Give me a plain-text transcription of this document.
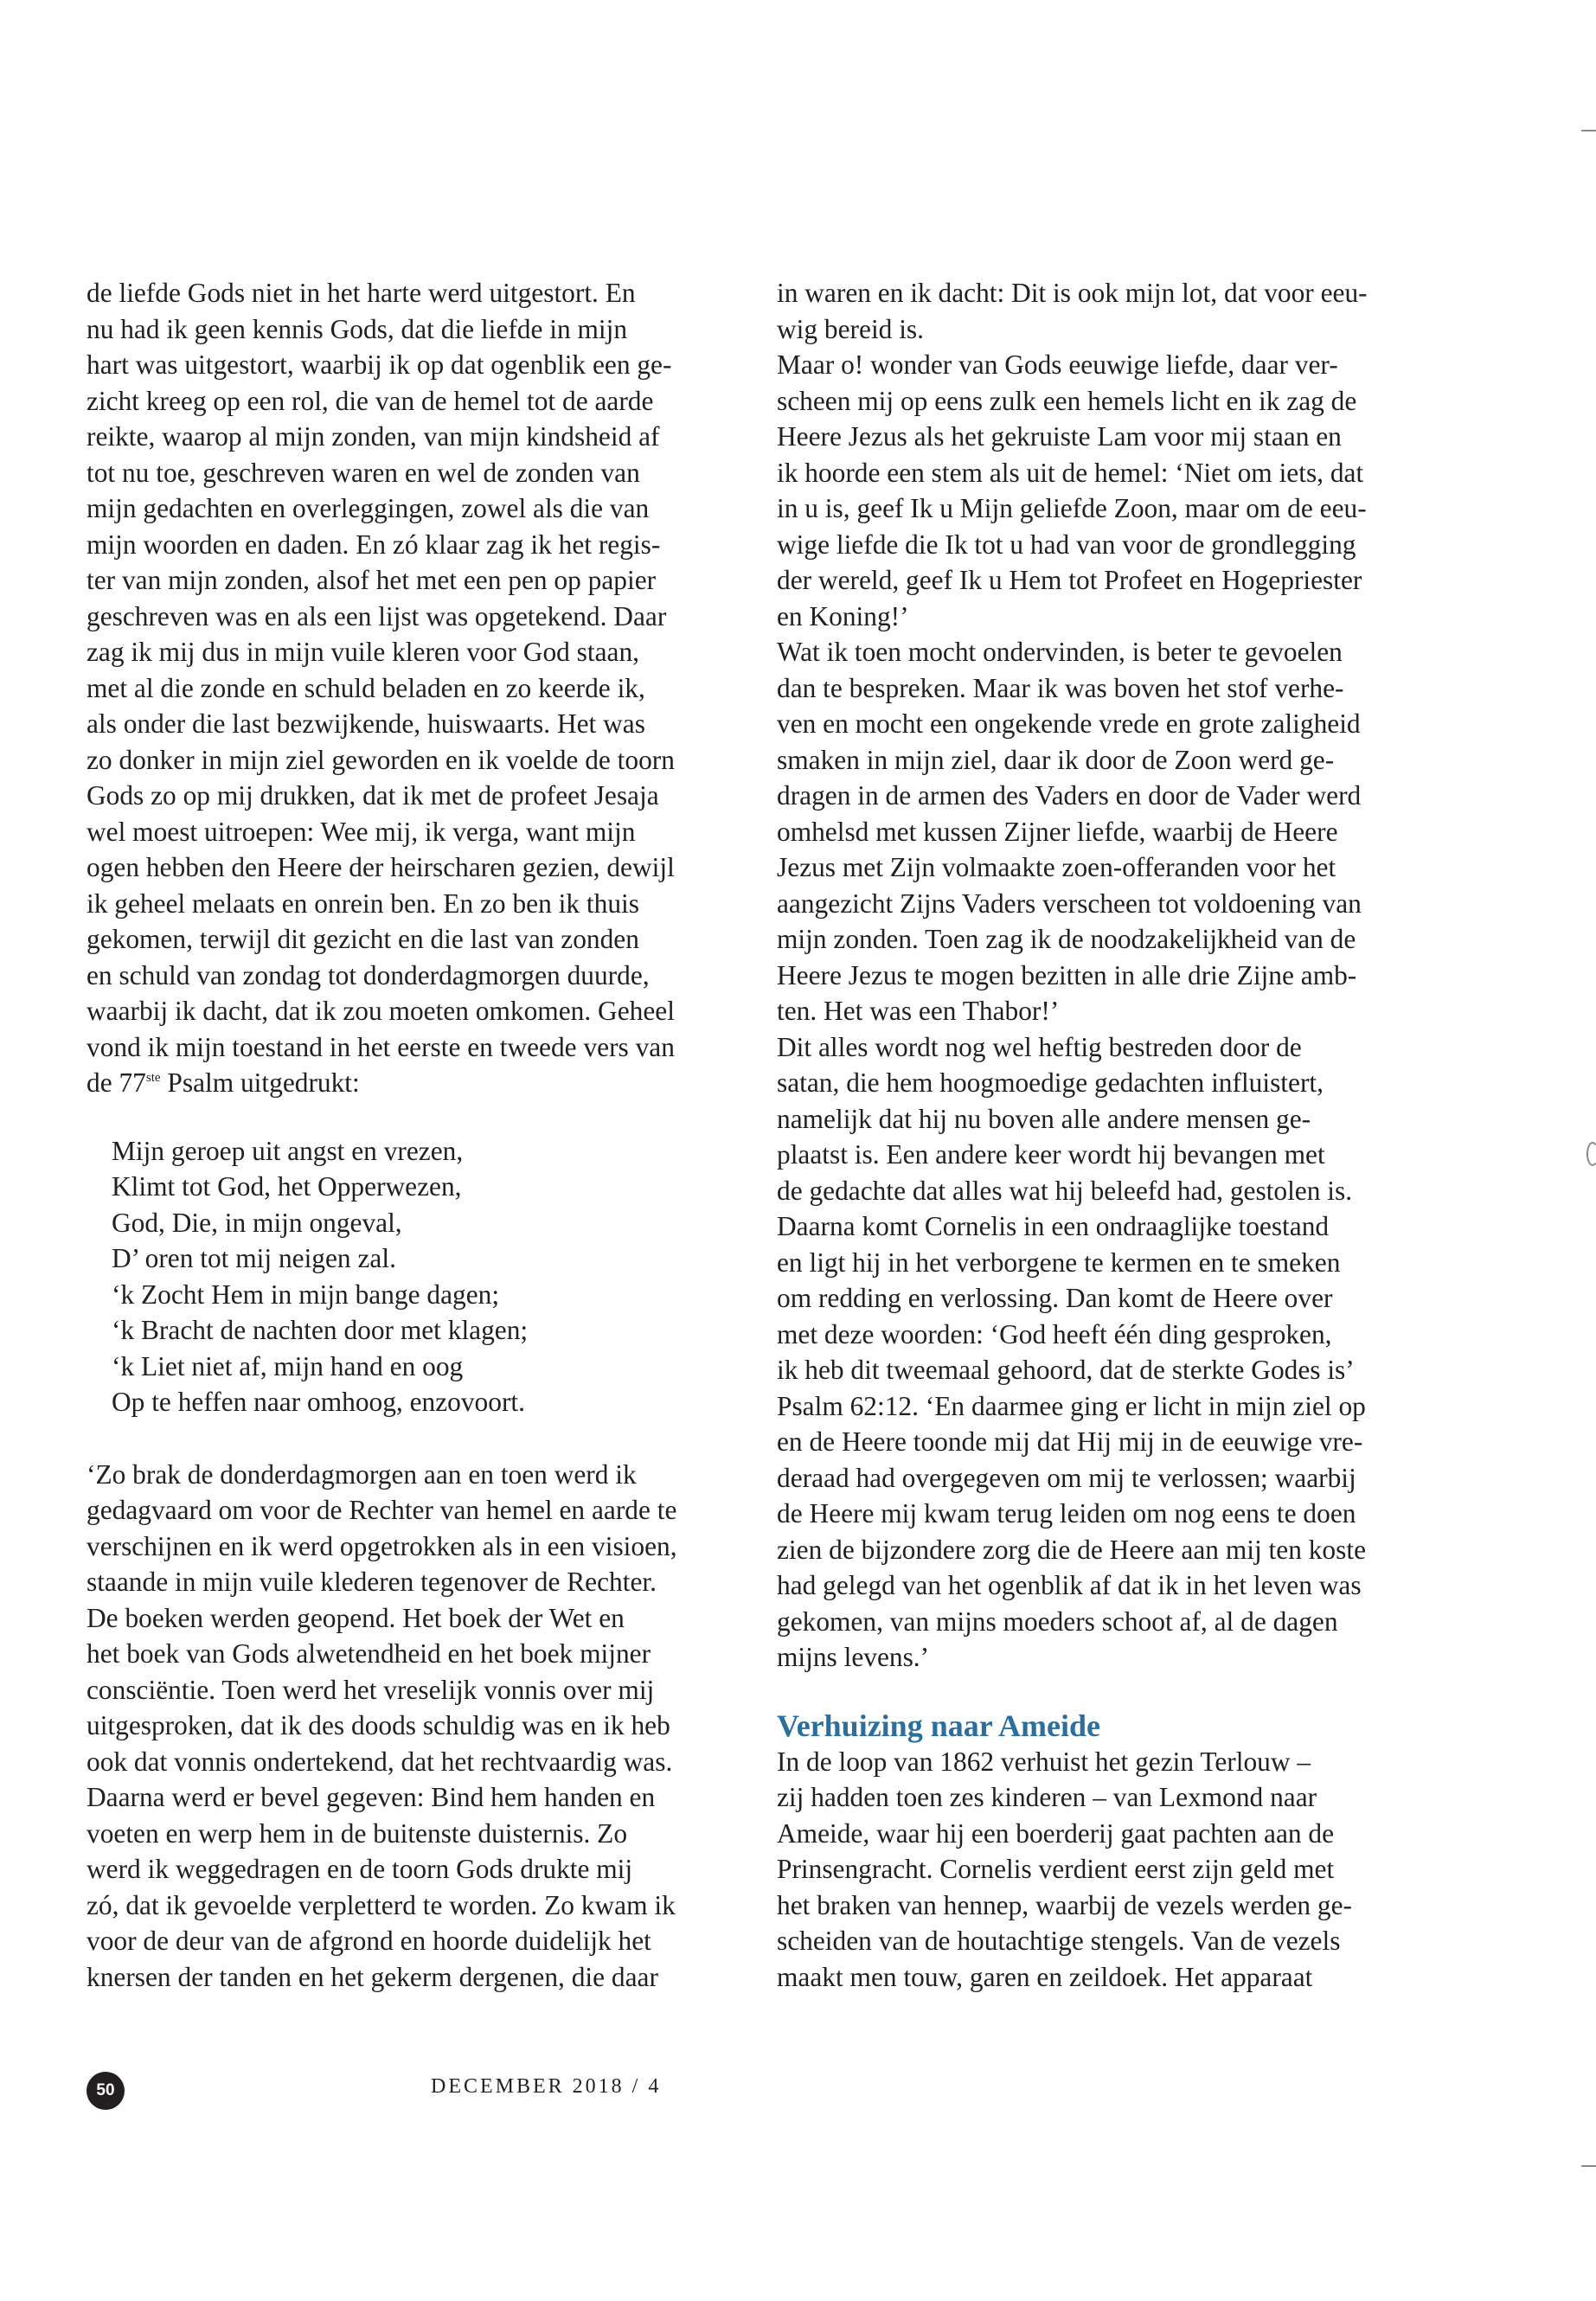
de liefde Gods niet in het harte werd uitgestort. En
nu had ik geen kennis Gods, dat die liefde in mijn
hart was uitgestort, waarbij ik op dat ogenblik een ge-
zicht kreeg op een rol, die van de hemel tot de aarde
reikte, waarop al mijn zonden, van mijn kindsheid af
tot nu toe, geschreven waren en wel de zonden van
mijn gedachten en overleggingen, zowel als die van
mijn woorden en daden. En zó klaar zag ik het regis-
ter van mijn zonden, alsof het met een pen op papier
geschreven was en als een lijst was opgetekend. Daar
zag ik mij dus in mijn vuile kleren voor God staan,
met al die zonde en schuld beladen en zo keerde ik,
als onder die last bezwijkende, huiswaarts. Het was
zo donker in mijn ziel geworden en ik voelde de toorn
Gods zo op mij drukken, dat ik met de profeet Jesaja
wel moest uitroepen: Wee mij, ik verga, want mijn
ogen hebben den Heere der heirscharen gezien, dewijl
ik geheel melaats en onrein ben. En zo ben ik thuis
gekomen, terwijl dit gezicht en die last van zonden
en schuld van zondag tot donderdagmorgen duurde,
waarbij ik dacht, dat ik zou moeten omkomen. Geheel
vond ik mijn toestand in het eerste en tweede vers van
de 77ste Psalm uitgedrukt:
Mijn geroep uit angst en vrezen,
Klimt tot God, het Opperwezen,
God, Die, in mijn ongeval,
D’ oren tot mij neigen zal.
‘k Zocht Hem in mijn bange dagen;
‘k Bracht de nachten door met klagen;
‘k Liet niet af, mijn hand en oog
Op te heffen naar omhoog, enzovoort.
‘Zo brak de donderdagmorgen aan en toen werd ik
gedagvaard om voor de Rechter van hemel en aarde te
verschijnen en ik werd opgetrokken als in een visioen,
staande in mijn vuile klederen tegenover de Rechter.
De boeken werden geopend. Het boek der Wet en
het boek van Gods alwetendheid en het boek mijner
consciëntie. Toen werd het vreselijk vonnis over mij
uitgesproken, dat ik des doods schuldig was en ik heb
ook dat vonnis ondertekend, dat het rechtvaardig was.
Daarna werd er bevel gegeven: Bind hem handen en
voeten en werp hem in de buitenste duisternis. Zo
werd ik weggedragen en de toorn Gods drukte mij
zó, dat ik gevoelde verpletterd te worden. Zo kwam ik
voor de deur van de afgrond en hoorde duidelijk het
knersen der tanden en het gekerm dergenen, die daar
in waren en ik dacht: Dit is ook mijn lot, dat voor eeu-
wig bereid is.
Maar o! wonder van Gods eeuwige liefde, daar ver-
scheen mij op eens zulk een hemels licht en ik zag de
Heere Jezus als het gekruiste Lam voor mij staan en
ik hoorde een stem als uit de hemel: ‘Niet om iets, dat
in u is, geef Ik u Mijn geliefde Zoon, maar om de eeu-
wige liefde die Ik tot u had van voor de grondlegging
der wereld, geef Ik u Hem tot Profeet en Hogepriester
en Koning!’
Wat ik toen mocht ondervinden, is beter te gevoelen
dan te bespreken. Maar ik was boven het stof verhe-
ven en mocht een ongekende vrede en grote zaligheid
smaken in mijn ziel, daar ik door de Zoon werd ge-
dragen in de armen des Vaders en door de Vader werd
omhelsd met kussen Zijner liefde, waarbij de Heere
Jezus met Zijn volmaakte zoen-offeranden voor het
aangezicht Zijns Vaders verscheen tot voldoening van
mijn zonden. Toen zag ik de noodzakelijkheid van de
Heere Jezus te mogen bezitten in alle drie Zijne amb-
ten. Het was een Thabor!’
Dit alles wordt nog wel heftig bestreden door de
satan, die hem hoogmoedige gedachten influistert,
namelijk dat hij nu boven alle andere mensen ge-
plaatst is. Een andere keer wordt hij bevangen met
de gedachte dat alles wat hij beleefd had, gestolen is.
Daarna komt Cornelis in een ondraaglijke toestand
en ligt hij in het verborgene te kermen en te smeken
om redding en verlossing. Dan komt de Heere over
met deze woorden: ‘God heeft één ding gesproken,
ik heb dit tweemaal gehoord, dat de sterkte Godes is’
Psalm 62:12. ‘En daarmee ging er licht in mijn ziel op
en de Heere toonde mij dat Hij mij in de eeuwige vre-
deraad had overgegeven om mij te verlossen; waarbij
de Heere mij kwam terug leiden om nog eens te doen
zien de bijzondere zorg die de Heere aan mij ten koste
had gelegd van het ogenblik af dat ik in het leven was
gekomen, van mijns moeders schoot af, al de dagen
mijns levens.’
Verhuizing naar Ameide
In de loop van 1862 verhuist het gezin Terlouw –
zij hadden toen zes kinderen – van Lexmond naar
Ameide, waar hij een boerderij gaat pachten aan de
Prinsengracht. Cornelis verdient eerst zijn geld met
het braken van hennep, waarbij de vezels werden ge-
scheiden van de houtachtige stengels. Van de vezels
maakt men touw, garen en zeildoek. Het apparaat
50	DECEMBER 2018 / 4
